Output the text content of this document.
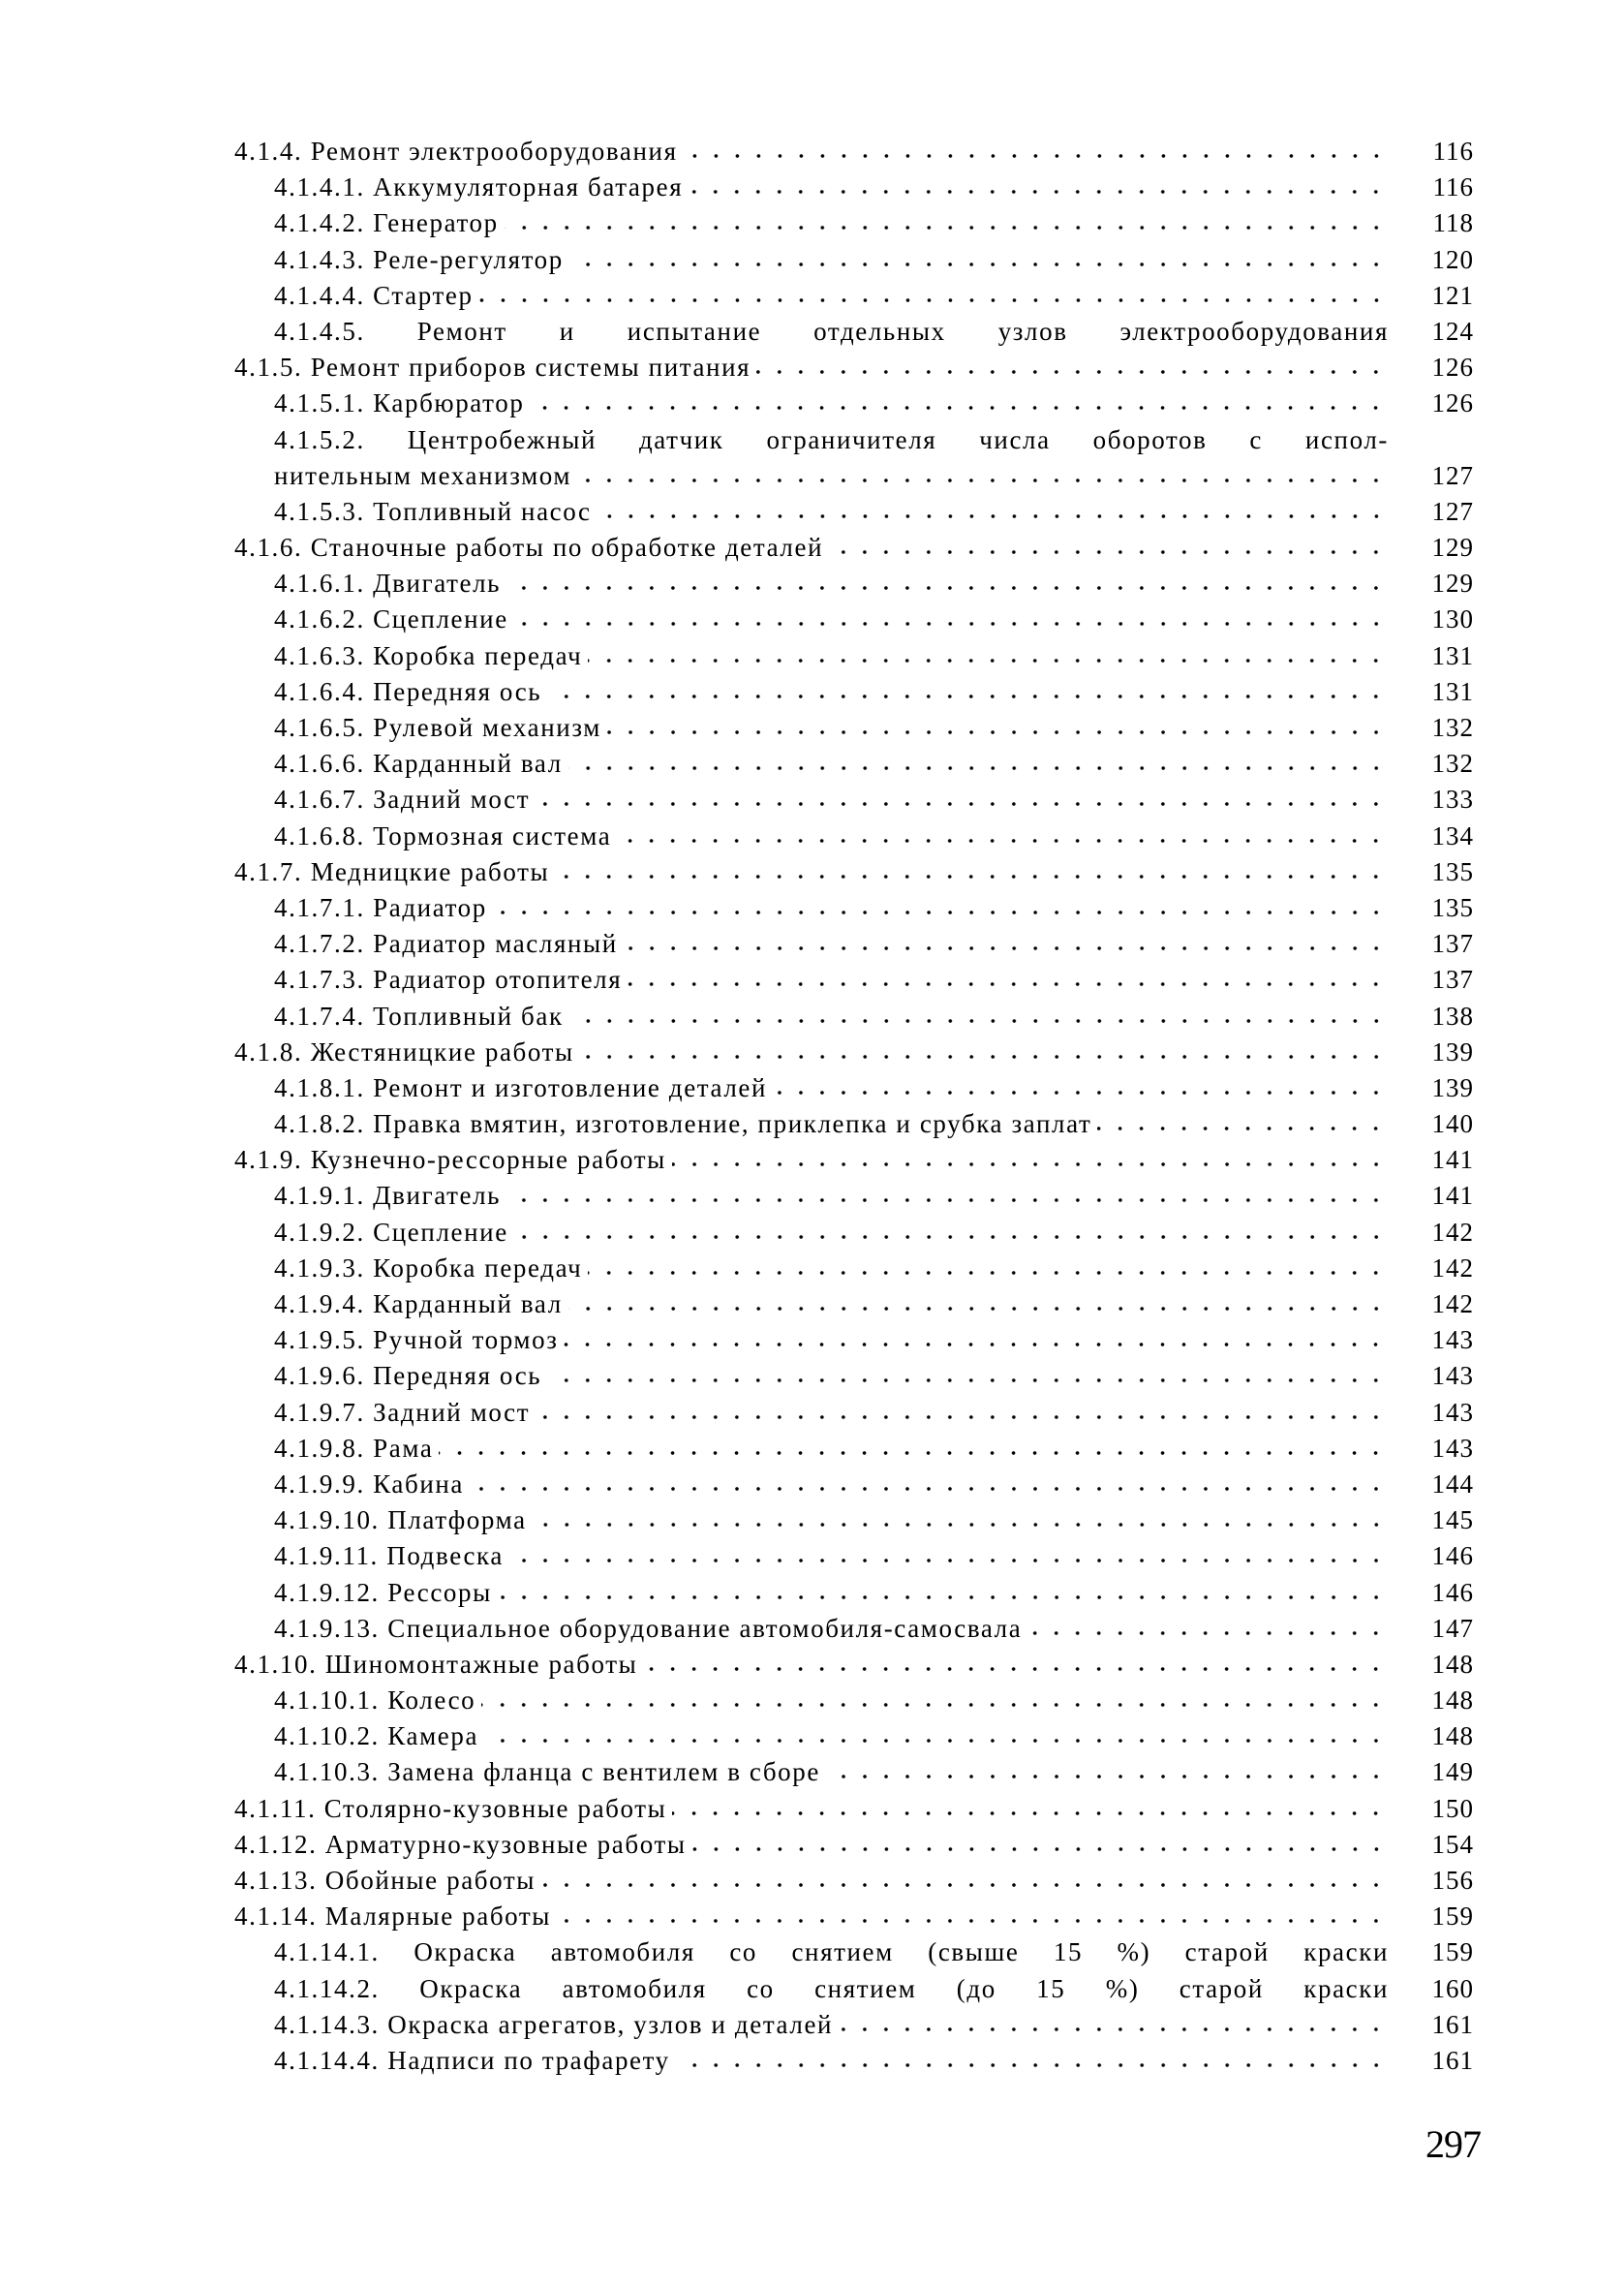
4.1.4. Ремонт электрооборудования	116
4.1.4.1. Аккумуляторная батарея	116
4.1.4.2. Генератор	118
4.1.4.3. Реле-регулятор	120
4.1.4.4. Стартер	121
4.1.4.5. Ремонт и испытание отдельных узлов электрооборудования	124
4.1.5. Ремонт приборов системы питания	126
4.1.5.1. Карбюратор	126
4.1.5.2. Центробежный датчик ограничителя числа оборотов с испол-
нительным механизмом	127
4.1.5.3. Топливный насос	127
4.1.6. Станочные работы по обработке деталей	129
4.1.6.1. Двигатель	129
4.1.6.2. Сцепление	130
4.1.6.3. Коробка передач	131
4.1.6.4. Передняя ось	131
4.1.6.5. Рулевой механизм	132
4.1.6.6. Карданный вал	132
4.1.6.7. Задний мост	133
4.1.6.8. Тормозная система	134
4.1.7. Медницкие работы	135
4.1.7.1. Радиатор	135
4.1.7.2. Радиатор масляный	137
4.1.7.3. Радиатор отопителя	137
4.1.7.4. Топливный бак	138
4.1.8. Жестяницкие работы	139
4.1.8.1. Ремонт и изготовление деталей	139
4.1.8.2. Правка вмятин, изготовление, приклепка и срубка заплат	140
4.1.9. Кузнечно-рессорные работы	141
4.1.9.1. Двигатель	141
4.1.9.2. Сцепление	142
4.1.9.3. Коробка передач	142
4.1.9.4. Карданный вал	142
4.1.9.5. Ручной тормоз	143
4.1.9.6. Передняя ось	143
4.1.9.7. Задний мост	143
4.1.9.8. Рама	143
4.1.9.9. Кабина	144
4.1.9.10. Платформа	145
4.1.9.11. Подвеска	146
4.1.9.12. Рессоры	146
4.1.9.13. Специальное оборудование автомобиля-самосвала	147
4.1.10. Шиномонтажные работы	148
4.1.10.1. Колесо	148
4.1.10.2. Камера	148
4.1.10.3. Замена фланца с вентилем в сборе	149
4.1.11. Столярно-кузовные работы	150
4.1.12. Арматурно-кузовные работы	154
4.1.13. Обойные работы	156
4.1.14. Малярные работы	159
4.1.14.1. Окраска автомобиля со снятием (свыше 15 %) старой краски	159
4.1.14.2. Окраска автомобиля со снятием (до 15 %) старой краски	160
4.1.14.3. Окраска агрегатов, узлов и деталей	161
4.1.14.4. Надписи по трафарету	161
297
